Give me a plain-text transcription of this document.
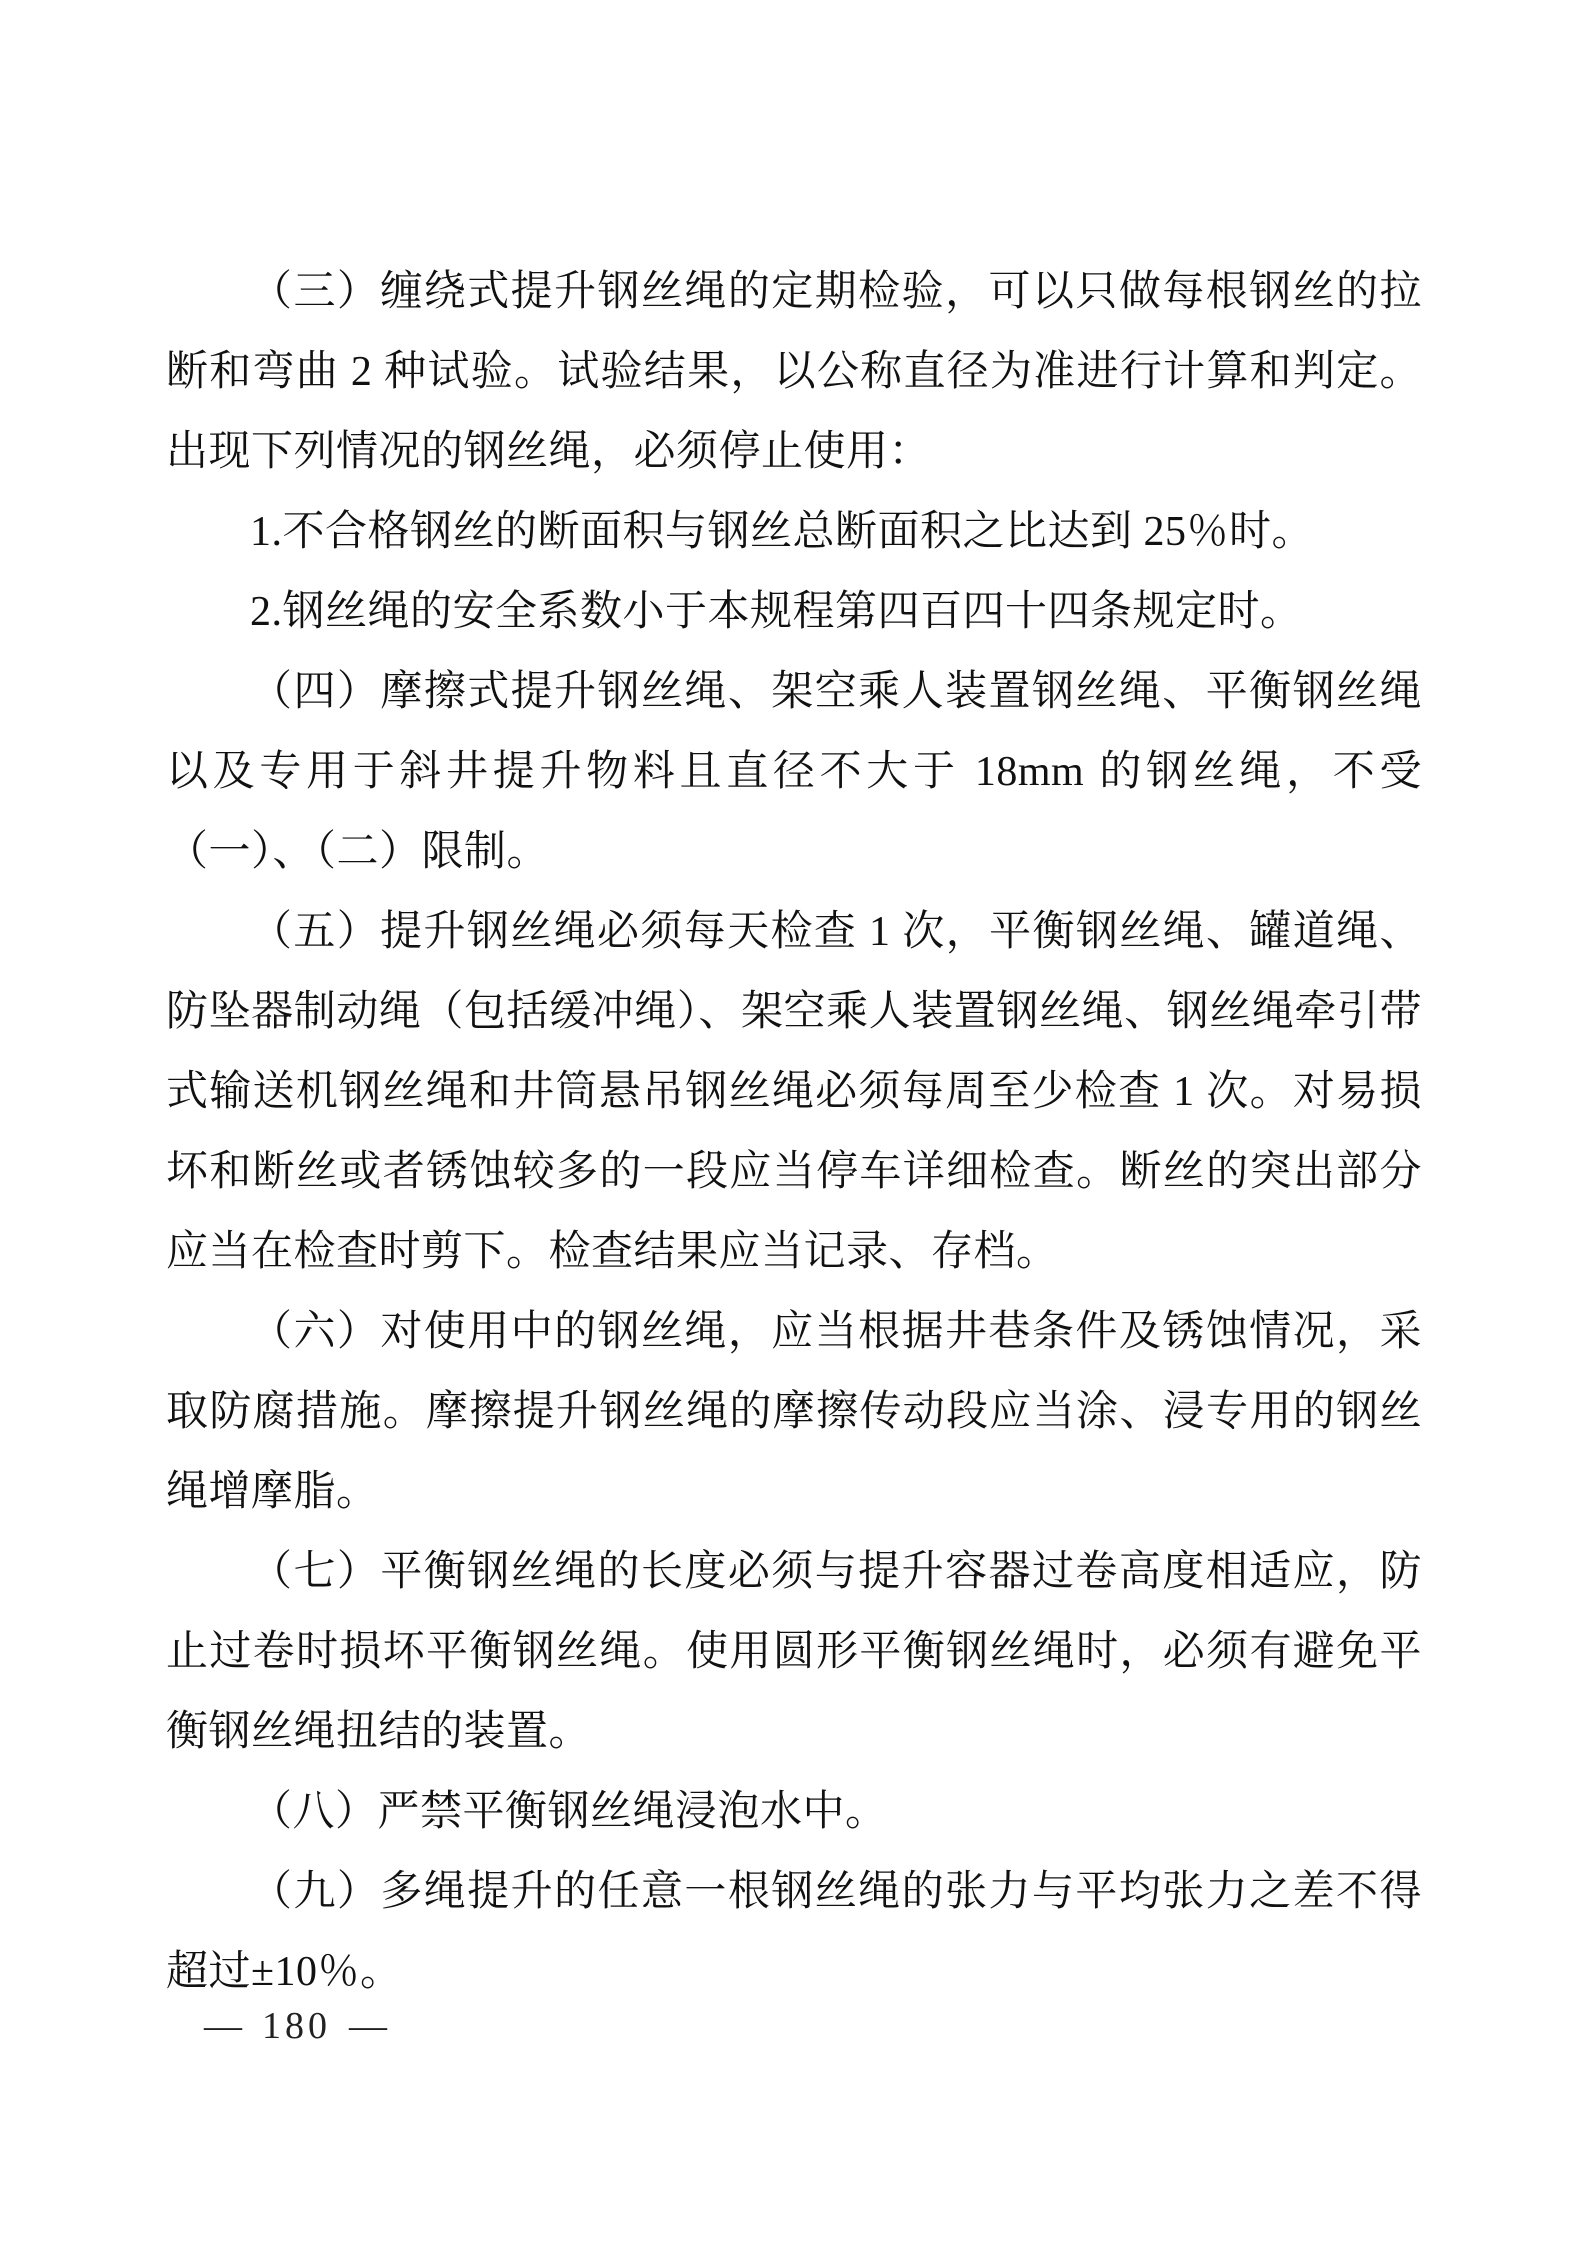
（三）缠绕式提升钢丝绳的定期检验，可以只做每根钢丝的拉断和弯曲 2 种试验。试验结果，以公称直径为准进行计算和判定。出现下列情况的钢丝绳，必须停止使用：

1.不合格钢丝的断面积与钢丝总断面积之比达到 25％时。

2.钢丝绳的安全系数小于本规程第四百四十四条规定时。

（四）摩擦式提升钢丝绳、架空乘人装置钢丝绳、平衡钢丝绳以及专用于斜井提升物料且直径不大于 18mm 的钢丝绳，不受（一）、（二）限制。

（五）提升钢丝绳必须每天检查 1 次，平衡钢丝绳、罐道绳、防坠器制动绳（包括缓冲绳）、架空乘人装置钢丝绳、钢丝绳牵引带式输送机钢丝绳和井筒悬吊钢丝绳必须每周至少检查 1 次。对易损坏和断丝或者锈蚀较多的一段应当停车详细检查。断丝的突出部分应当在检查时剪下。检查结果应当记录、存档。

（六）对使用中的钢丝绳，应当根据井巷条件及锈蚀情况，采取防腐措施。摩擦提升钢丝绳的摩擦传动段应当涂、浸专用的钢丝绳增摩脂。

（七）平衡钢丝绳的长度必须与提升容器过卷高度相适应，防止过卷时损坏平衡钢丝绳。使用圆形平衡钢丝绳时，必须有避免平衡钢丝绳扭结的装置。

（八）严禁平衡钢丝绳浸泡水中。

（九）多绳提升的任意一根钢丝绳的张力与平均张力之差不得超过±10％。

— 180 —
